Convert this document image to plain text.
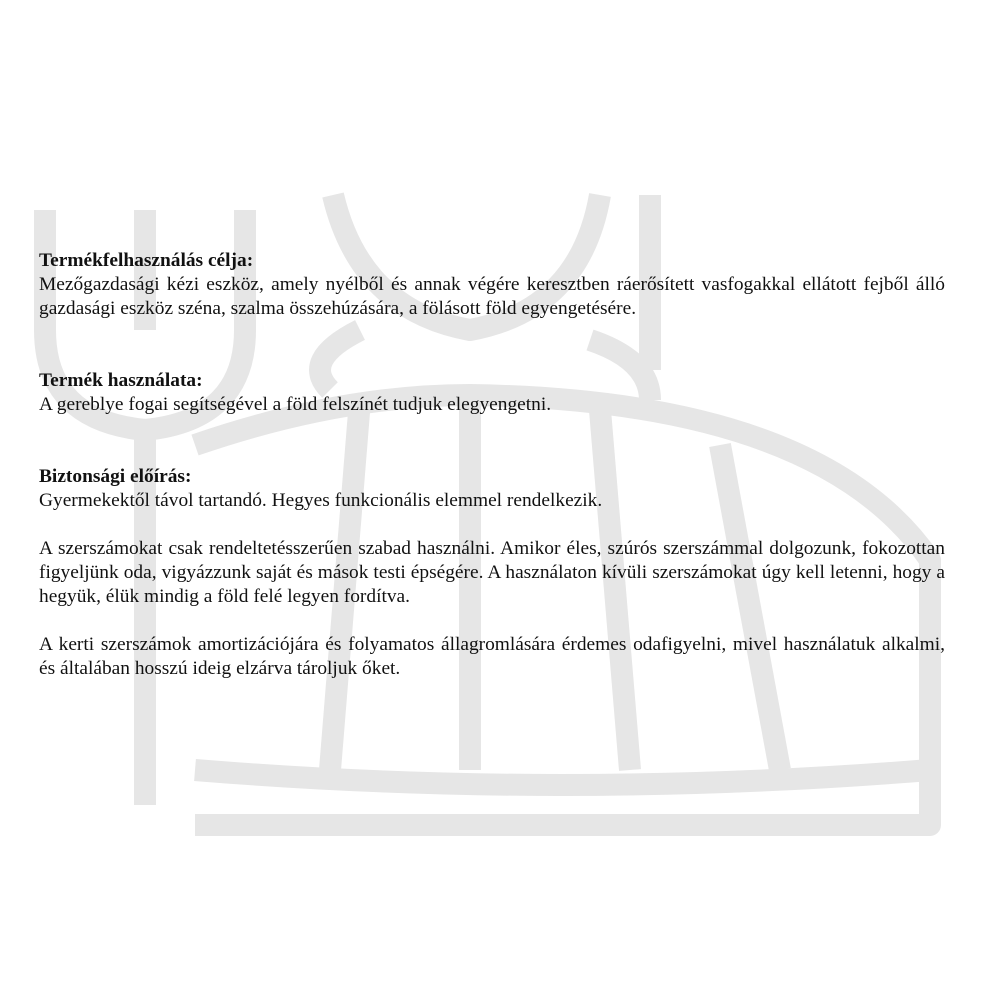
Termékfelhasználás célja:

Mezőgazdasági kézi eszköz, amely nyélből és annak végére keresztben ráerősített vasfogakkal ellátott fejből álló gazdasági eszköz széna, szalma összehúzására, a fölásott föld egyengetésére.

Termék használata:

A gereblye fogai segítségével a föld felszínét tudjuk elegyengetni.

Biztonsági előírás:

Gyermekektől távol tartandó. Hegyes funkcionális elemmel rendelkezik.

A szerszámokat csak rendeltetésszerűen szabad használni. Amikor éles, szúrós szerszámmal dolgozunk, fokozottan figyeljünk oda, vigyázzunk saját és mások testi épségére. A használaton kívüli szerszámokat úgy kell letenni, hogy a hegyük, élük mindig a föld felé legyen fordítva.

A kerti szerszámok amortizációjára és folyamatos állagromlására érdemes odafigyelni, mivel használatuk alkalmi, és általában hosszú ideig elzárva tároljuk őket.
